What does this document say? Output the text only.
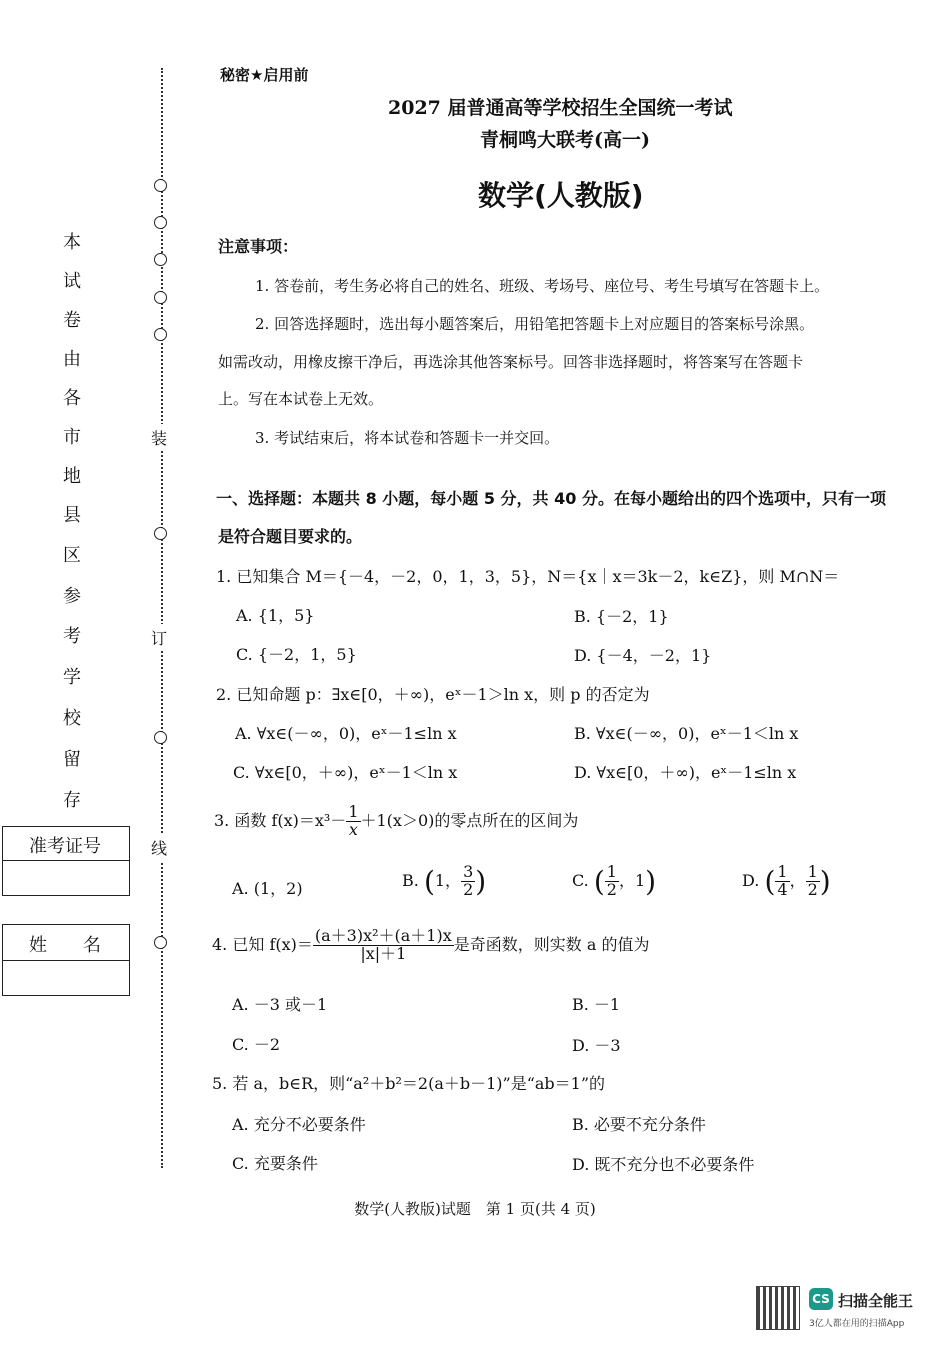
装
订
线
本
试
卷
由
各
市
地
县
区
参
考
学
校
留
存
准考证号
姓　　名
秘密★启用前
2027 届普通高等学校招生全国统一考试
青桐鸣大联考(高一)
数学(人教版)
注意事项：
1. 答卷前，考生务必将自己的姓名、班级、考场号、座位号、考生号填写在答题卡上。
2. 回答选择题时，选出每小题答案后，用铅笔把答题卡上对应题目的答案标号涂黑。
如需改动，用橡皮擦干净后，再选涂其他答案标号。回答非选择题时，将答案写在答题卡
上。写在本试卷上无效。
3. 考试结束后，将本试卷和答题卡一并交回。
一、选择题：本题共 8 小题，每小题 5 分，共 40 分。在每小题给出的四个选项中，只有一项
是符合题目要求的。
1. 已知集合 M＝{－4，－2，0，1，3，5}，N＝{x｜x＝3k－2，k∈Z}，则 M∩N＝
A. {1，5}	B. {－2，1}
C. {－2，1，5}	D. {－4，－2，1}
2. 已知命题 p：∃x∈[0，＋∞)，eˣ－1＞ln x，则 p 的否定为
A. ∀x∈(－∞，0)，eˣ－1≤ln x	B. ∀x∈(－∞，0)，eˣ－1＜ln x
C. ∀x∈[0，＋∞)，eˣ－1＜ln x	D. ∀x∈[0，＋∞)，eˣ－1≤ln x
3. 函数 $f(x)=x^3- \frac{1}{x} +1(x>0)$的零点所在的区间为
A. (1，2)	B. (1， $\frac{3}{2}$ )	C. ( $\frac{1}{2}$ ，1)	D. ( $\frac{1}{4}$ ， $\frac{1}{2}$ )
4. 已知 $f(x)= \frac{\text{(a＋3)x²＋(a＋1)x}}{|x|+1}$ 是奇函数，则实数 a 的值为
A. －3 或－1	B. －1
C. －2	D. －3
5. 若 a，b∈R，则“a²＋b²＝2(a＋b－1)”是“ab＝1”的
A. 充分不必要条件	B. 必要不充分条件
C. 充要条件	D. 既不充分也不必要条件
数学(人教版)试题　第 1 页(共 4 页)
CS 扫描全能王
3亿人都在用的扫描App
